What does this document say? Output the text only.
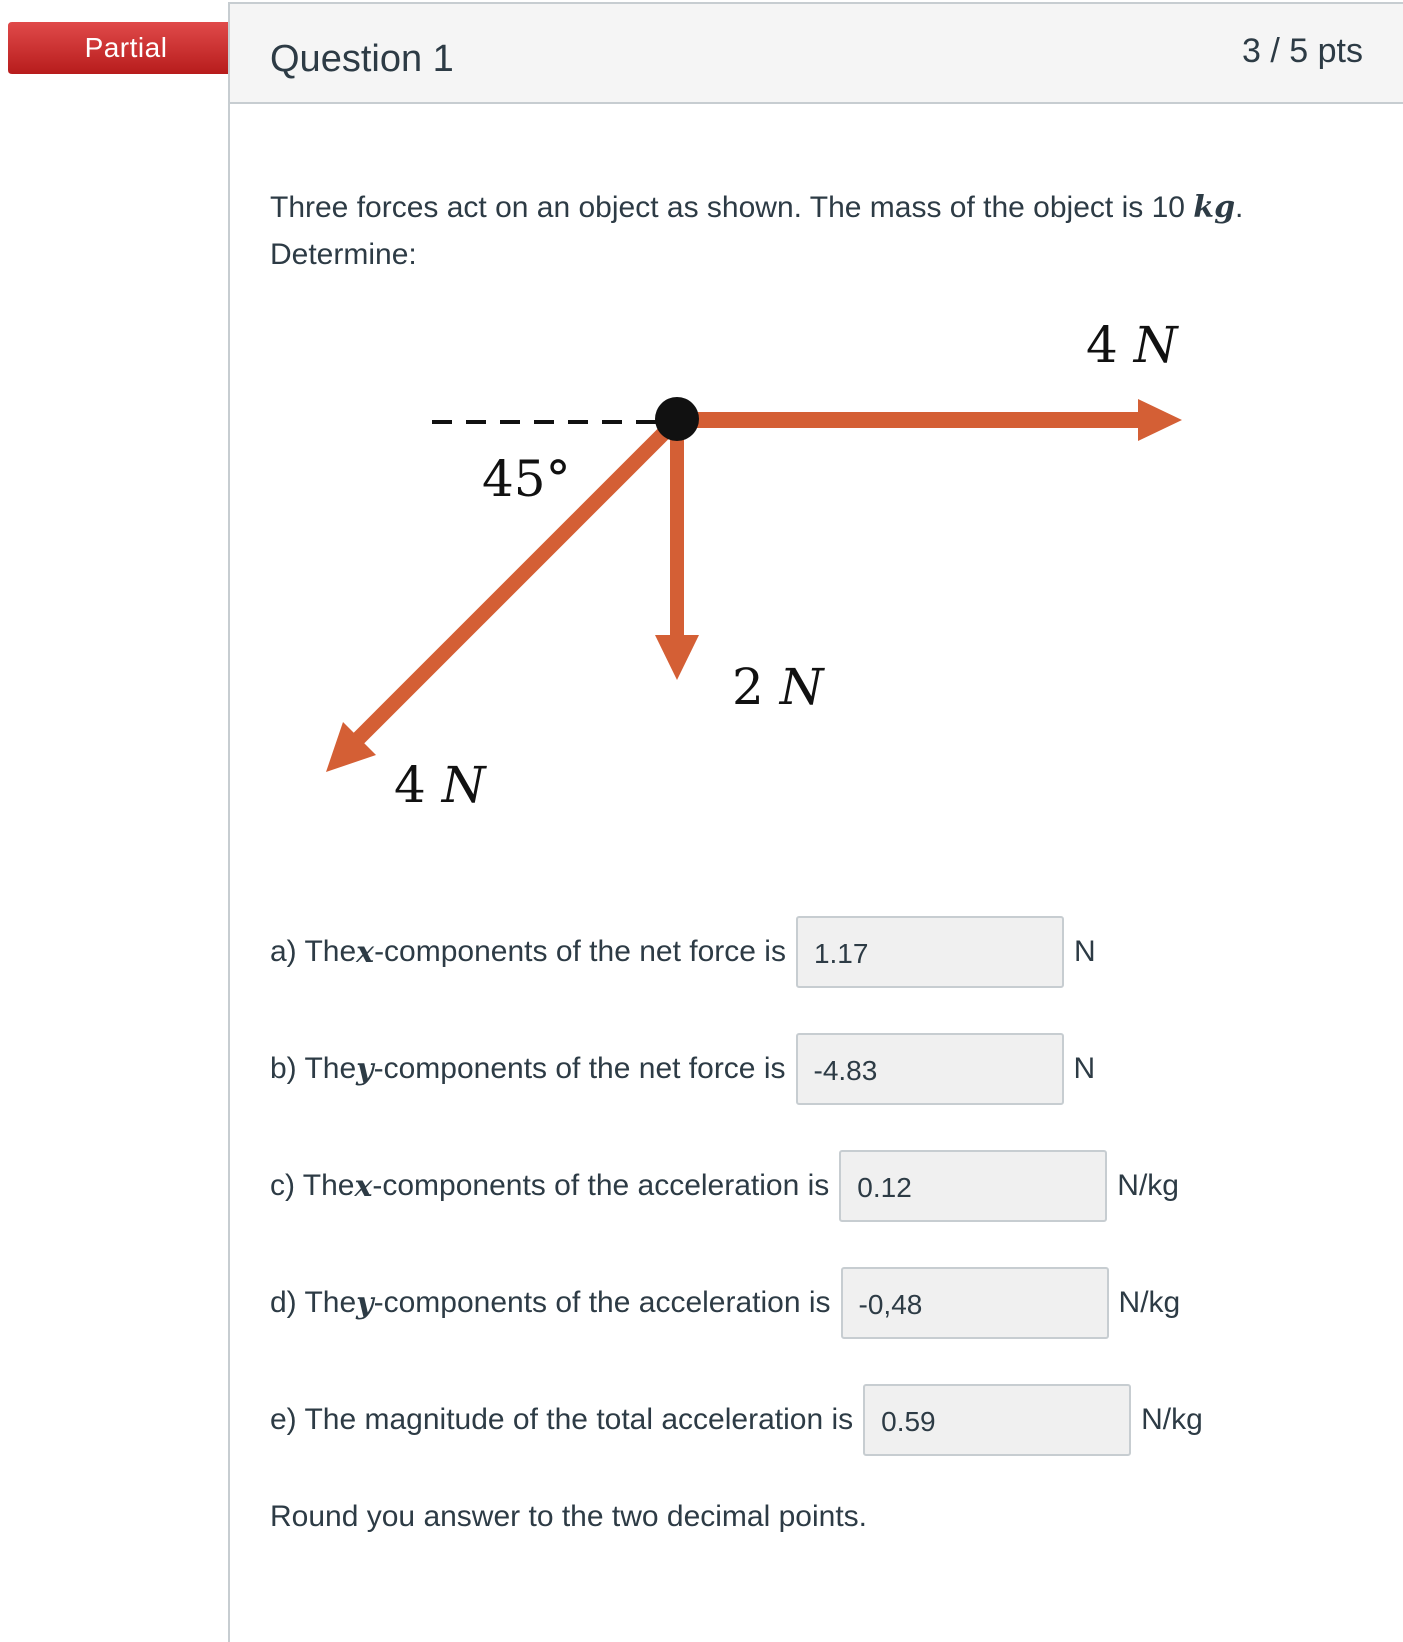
Partial	Question 1	3 / 5 pts
Three forces act on an object as shown. The mass of the object is 10 kg.
Determine:
45°
4 N
2 N
4 N
a) The x -components of the net force is	1.17	N
b) The y -components of the net force is	-4.83	N
c) The x -components of the acceleration is	0.12	N/kg
d) The y -components of the acceleration is	-0,48	N/kg
e) The magnitude of the total acceleration is	0.59	N/kg
Round you answer to the two decimal points.
